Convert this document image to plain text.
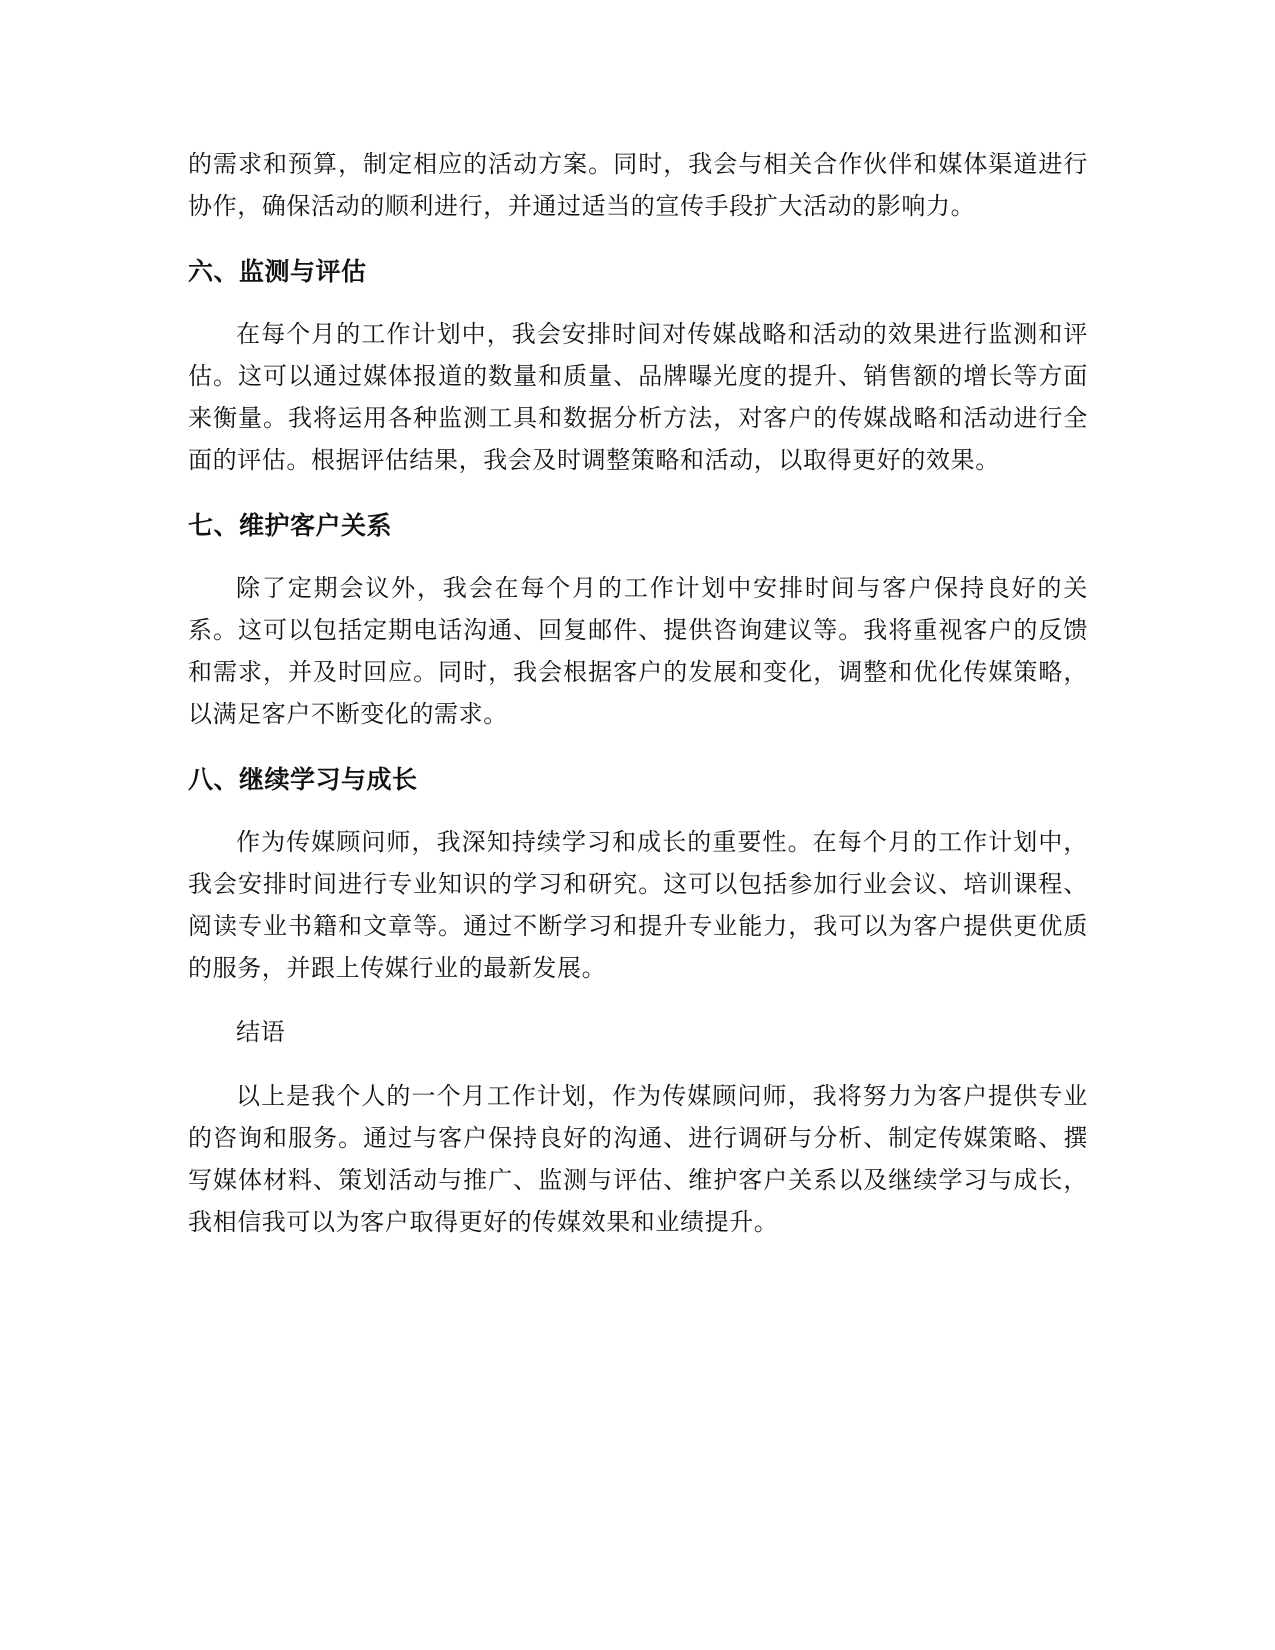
的需求和预算，制定相应的活动方案。同时，我会与相关合作伙伴和媒体渠道进行协作，确保活动的顺利进行，并通过适当的宣传手段扩大活动的影响力。

六、监测与评估

在每个月的工作计划中，我会安排时间对传媒战略和活动的效果进行监测和评估。这可以通过媒体报道的数量和质量、品牌曝光度的提升、销售额的增长等方面来衡量。我将运用各种监测工具和数据分析方法，对客户的传媒战略和活动进行全面的评估。根据评估结果，我会及时调整策略和活动，以取得更好的效果。

七、维护客户关系

除了定期会议外，我会在每个月的工作计划中安排时间与客户保持良好的关系。这可以包括定期电话沟通、回复邮件、提供咨询建议等。我将重视客户的反馈和需求，并及时回应。同时，我会根据客户的发展和变化，调整和优化传媒策略，以满足客户不断变化的需求。

八、继续学习与成长

作为传媒顾问师，我深知持续学习和成长的重要性。在每个月的工作计划中，我会安排时间进行专业知识的学习和研究。这可以包括参加行业会议、培训课程、阅读专业书籍和文章等。通过不断学习和提升专业能力，我可以为客户提供更优质的服务，并跟上传媒行业的最新发展。

结语

以上是我个人的一个月工作计划，作为传媒顾问师，我将努力为客户提供专业的咨询和服务。通过与客户保持良好的沟通、进行调研与分析、制定传媒策略、撰写媒体材料、策划活动与推广、监测与评估、维护客户关系以及继续学习与成长，我相信我可以为客户取得更好的传媒效果和业绩提升。
